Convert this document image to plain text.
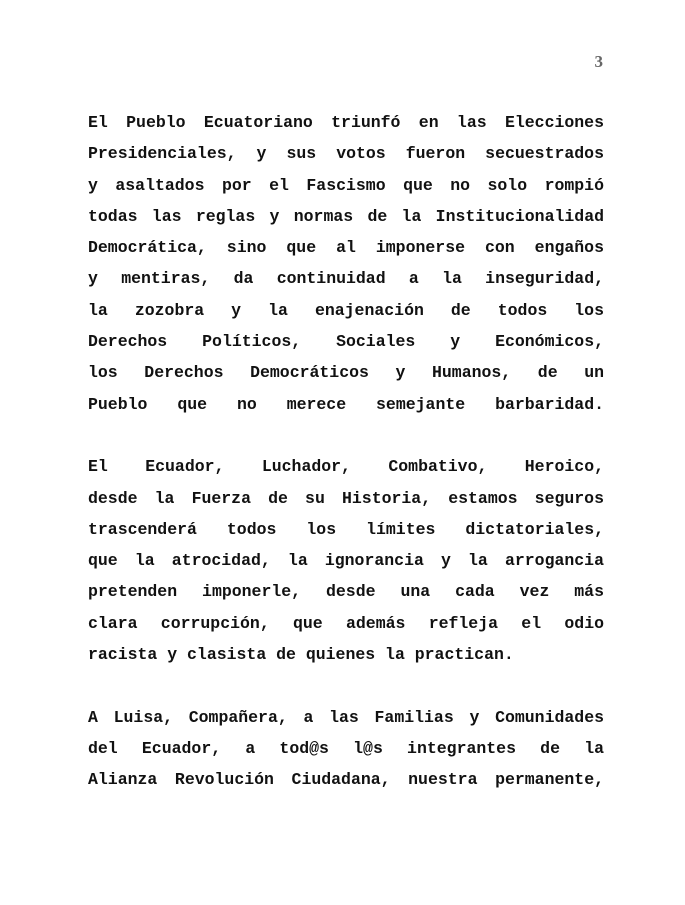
3

El Pueblo Ecuatoriano triunfó en las Elecciones
Presidenciales, y sus votos fueron secuestrados
y asaltados por el Fascismo que no solo rompió
todas las reglas y normas de la Institucionalidad
Democrática, sino que al imponerse con engaños
y mentiras, da continuidad a la inseguridad,
la zozobra y la enajenación de todos los
Derechos Políticos, Sociales y Económicos,
los Derechos Democráticos y Humanos, de un
Pueblo que no merece semejante barbaridad.

El Ecuador, Luchador, Combativo, Heroico,
desde la Fuerza de su Historia, estamos seguros
trascenderá todos los límites dictatoriales,
que la atrocidad, la ignorancia y la arrogancia
pretenden imponerle, desde una cada vez más
clara corrupción, que además refleja el odio
racista y clasista de quienes la practican.

A Luisa, Compañera, a las Familias y Comunidades
del Ecuador, a tod@s l@s integrantes de la
Alianza Revolución Ciudadana, nuestra permanente,
